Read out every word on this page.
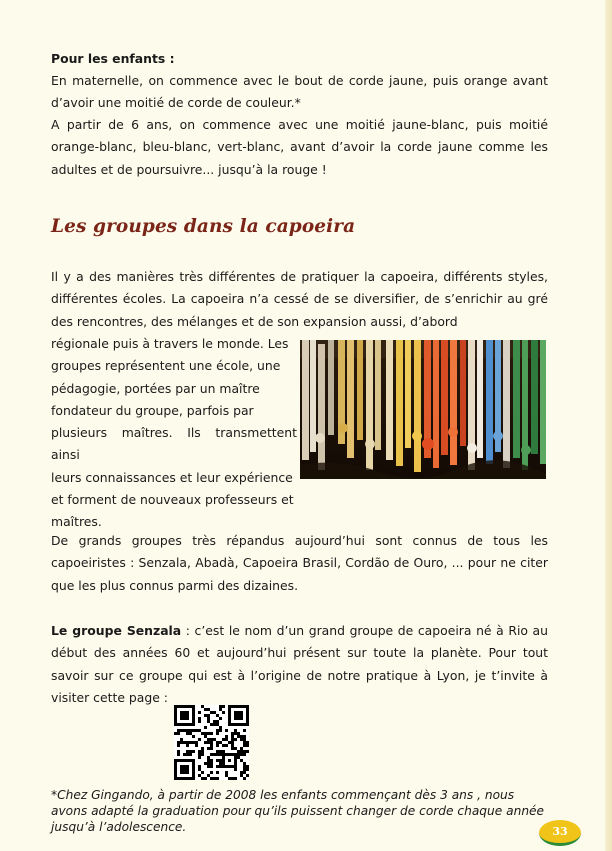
Pour les enfants :

En maternelle, on commence avec le bout de corde jaune, puis orange avant d’avoir une moitié de corde de couleur.*

A partir de 6 ans, on commence avec une moitié jaune-blanc, puis moitié orange-blanc, bleu-blanc, vert-blanc, avant d’avoir la corde jaune comme les adultes et de poursuivre... jusqu’à la rouge !

Les groupes dans la capoeira

Il y a des manières très différentes de pratiquer la capoeira, différents styles, différentes écoles. La capoeira n’a cessé de se diversifier, de s’enrichir au gré des rencontres, des mélanges et de son expansion aussi, d’abord

régionale puis à travers le monde. Les
groupes représentent une école, une
pédagogie, portées par un maître
fondateur du groupe, parfois par
plusieurs maîtres. Ils transmettent ainsi
leurs connaissances et leur expérience
et forment de nouveaux professeurs et
maîtres.

De grands groupes très répandus aujourd’hui sont connus de tous les capoeiristes : Senzala, Abadà, Capoeira Brasil, Cordão de Ouro, ... pour ne citer que les plus connus parmi des dizaines.

Le groupe Senzala : c’est le nom d’un grand groupe de capoeira né à Rio au début des années 60 et aujourd’hui présent sur toute la planète. Pour tout savoir sur ce groupe qui est à l’origine de notre pratique à Lyon, je t’invite à visiter cette page :

*Chez Gingando, à partir de 2008 les enfants commençant dès 3 ans , nous avons adapté la graduation pour qu’ils puissent changer de corde chaque année jusqu’à l’adolescence.	33
